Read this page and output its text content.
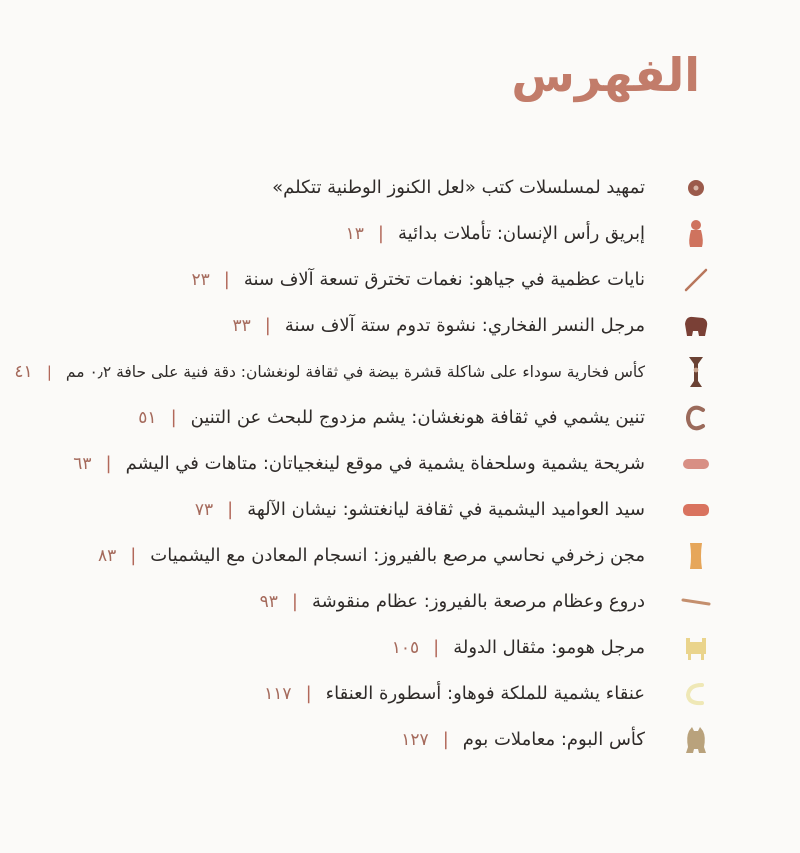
الفهرس
تمهيد لمسلسلات كتب «لعل الكنوز الوطنية تتكلم»
إبريق رأس الإنسان: تأملات بدائية|١٣
نايات عظمية في جياهو: نغمات تخترق تسعة آلاف سنة|٢٣
مرجل النسر الفخاري: نشوة تدوم ستة آلاف سنة|٣٣
كأس فخارية سوداء على شاكلة قشرة بيضة في ثقافة لونغشان: دقة فنية على حافة ٠٫٢ مم|٤١
تنين يشمي في ثقافة هونغشان: يشم مزدوج للبحث عن التنين|٥١
شريحة يشمية وسلحفاة يشمية في موقع لينغجياتان: متاهات في اليشم|٦٣
سيد العواميد اليشمية في ثقافة ليانغتشو: نيشان الآلهة|٧٣
مجن زخرفي نحاسي مرصع بالفيروز: انسجام المعادن مع اليشميات|٨٣
دروع وعظام مرصعة بالفيروز: عظام منقوشة|٩٣
مرجل هومو: مثقال الدولة|١٠٥
عنقاء يشمية للملكة فوهاو: أسطورة العنقاء|١١٧
كأس البوم: معاملات بوم|١٢٧
